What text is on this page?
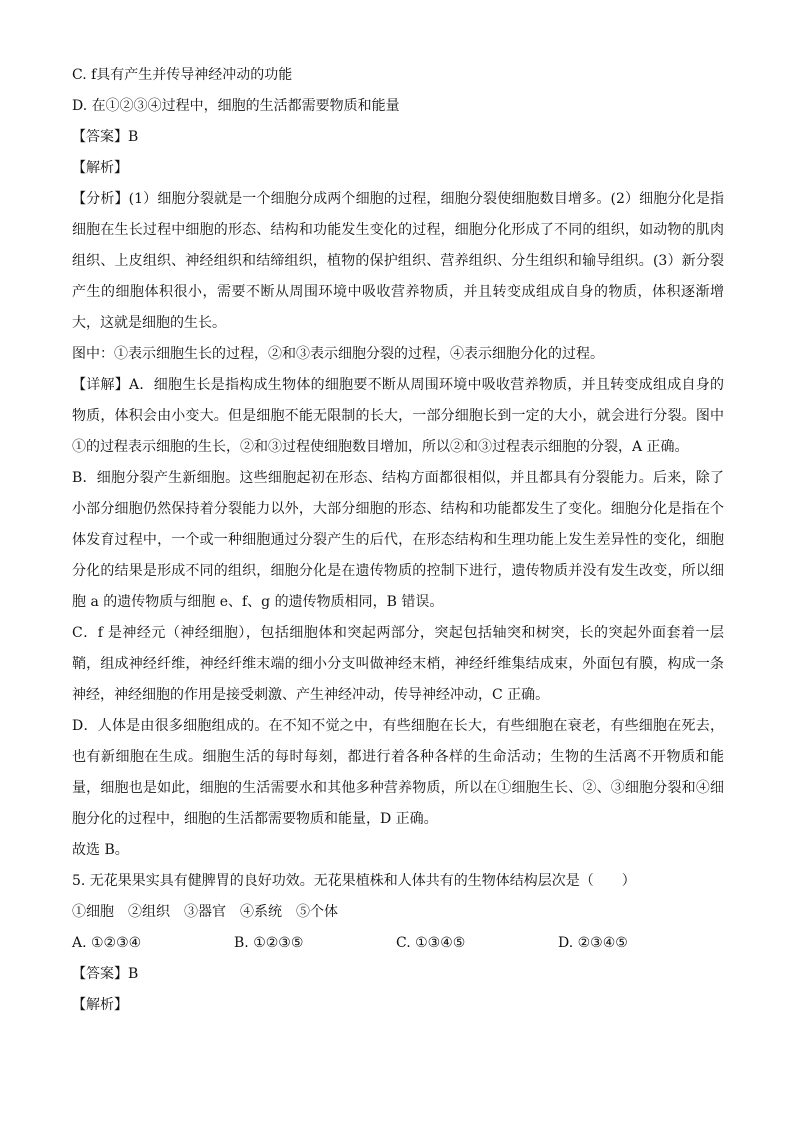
C. f具有产生并传导神经冲动的功能
D. 在①②③④过程中，细胞的生活都需要物质和能量
【答案】B
【解析】
【分析】(1）细胞分裂就是一个细胞分成两个细胞的过程，细胞分裂使细胞数目增多。(2）细胞分化是指细胞在生长过程中细胞的形态、结构和功能发生变化的过程，细胞分化形成了不同的组织，如动物的肌肉组织、上皮组织、神经组织和结缔组织，植物的保护组织、营养组织、分生组织和输导组织。(3）新分裂产生的细胞体积很小，需要不断从周围环境中吸收营养物质，并且转变成组成自身的物质，体积逐渐增大，这就是细胞的生长。
图中：①表示细胞生长的过程，②和③表示细胞分裂的过程，④表示细胞分化的过程。
【详解】A．细胞生长是指构成生物体的细胞要不断从周围环境中吸收营养物质，并且转变成组成自身的物质，体积会由小变大。但是细胞不能无限制的长大，一部分细胞长到一定的大小，就会进行分裂。图中①的过程表示细胞的生长，②和③过程使细胞数目增加，所以②和③过程表示细胞的分裂，A 正确。
B．细胞分裂产生新细胞。这些细胞起初在形态、结构方面都很相似，并且都具有分裂能力。后来，除了小部分细胞仍然保持着分裂能力以外，大部分细胞的形态、结构和功能都发生了变化。细胞分化是指在个体发育过程中，一个或一种细胞通过分裂产生的后代，在形态结构和生理功能上发生差异性的变化，细胞分化的结果是形成不同的组织，细胞分化是在遗传物质的控制下进行，遗传物质并没有发生改变，所以细胞 a 的遗传物质与细胞 e、f、g 的遗传物质相同，B 错误。
C．f 是神经元（神经细胞），包括细胞体和突起两部分，突起包括轴突和树突，长的突起外面套着一层鞘，组成神经纤维，神经纤维末端的细小分支叫做神经末梢，神经纤维集结成束，外面包有膜，构成一条神经，神经细胞的作用是接受刺激、产生神经冲动，传导神经冲动，C 正确。
D．人体是由很多细胞组成的。在不知不觉之中，有些细胞在长大，有些细胞在衰老，有些细胞在死去，也有新细胞在生成。细胞生活的每时每刻，都进行着各种各样的生命活动；生物的生活离不开物质和能量，细胞也是如此，细胞的生活需要水和其他多种营养物质，所以在①细胞生长、②、③细胞分裂和④细胞分化的过程中，细胞的生活都需要物质和能量，D 正确。
故选 B。
5. 无花果果实具有健脾胃的良好功效。无花果植株和人体共有的生物体结构层次是（　　）
①细胞　②组织　③器官　④系统　⑤个体
A. ①②③④	B. ①②③⑤	C. ①③④⑤	D. ②③④⑤
【答案】B
【解析】
